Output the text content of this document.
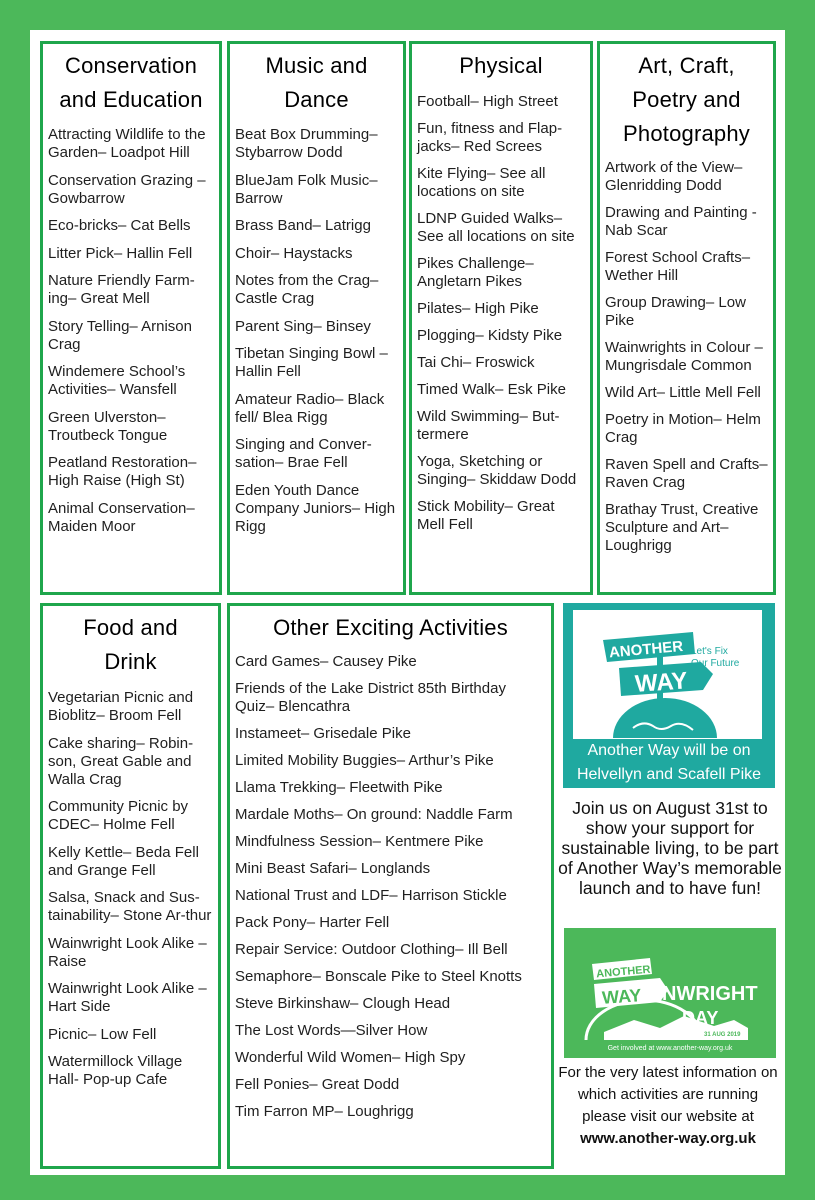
Conservation and Education
Attracting Wildlife to the Garden– Loadpot Hill
Conservation Grazing – Gowbarrow
Eco-bricks– Cat Bells
Litter Pick– Hallin Fell
Nature Friendly Farm-ing– Great Mell
Story Telling– Arnison Crag
Windemere School’s Activities– Wansfell
Green Ulverston– Troutbeck Tongue
Peatland Restoration– High Raise (High St)
Animal Conservation– Maiden Moor
Music and Dance
Beat Box Drumming– Stybarrow Dodd
BlueJam Folk Music– Barrow
Brass Band– Latrigg
Choir– Haystacks
Notes from the Crag– Castle Crag
Parent Sing– Binsey
Tibetan Singing Bowl – Hallin Fell
Amateur Radio– Black fell/ Blea Rigg
Singing and Conver-sation– Brae Fell
Eden Youth Dance Company Juniors– High Rigg
Physical
Football– High Street
Fun, fitness and Flap-jacks– Red Screes
Kite Flying– See all locations on site
LDNP Guided Walks– See all locations on site
Pikes Challenge– Angletarn Pikes
Pilates– High Pike
Plogging– Kidsty Pike
Tai Chi– Froswick
Timed Walk– Esk Pike
Wild Swimming– But-termere
Yoga, Sketching or Singing– Skiddaw Dodd
Stick Mobility– Great Mell Fell
Art, Craft, Poetry and Photography
Artwork of the View– Glenridding Dodd
Drawing and Painting -Nab Scar
Forest School Crafts– Wether Hill
Group Drawing– Low Pike
Wainwrights in Colour – Mungrisdale Common
Wild Art– Little Mell Fell
Poetry in Motion– Helm Crag
Raven Spell and Crafts– Raven Crag
Brathay Trust, Creative Sculpture and Art– Loughrigg
Food and Drink
Vegetarian Picnic and Bioblitz– Broom Fell
Cake sharing– Robin-son, Great Gable and Walla Crag
Community Picnic by CDEC– Holme Fell
Kelly Kettle– Beda Fell and Grange Fell
Salsa, Snack and Sus-tainability– Stone Ar-thur
Wainwright Look Alike – Raise
Wainwright Look Alike – Hart Side
Picnic– Low Fell
Watermillock Village Hall- Pop-up Cafe
Other Exciting Activities
Card Games– Causey Pike
Friends of the Lake District 85th Birthday Quiz– Blencathra
Instameet– Grisedale Pike
Limited Mobility Buggies– Arthur’s Pike
Llama Trekking– Fleetwith Pike
Mardale Moths– On ground: Naddle Farm
Mindfulness Session– Kentmere Pike
Mini Beast Safari– Longlands
National Trust and LDF– Harrison Stickle
Pack Pony– Harter Fell
Repair Service: Outdoor Clothing– Ill Bell
Semaphore– Bonscale Pike to Steel Knotts
Steve Birkinshaw– Clough Head
The Lost Words—Silver How
Wonderful Wild Women– High Spy
Fell Ponies– Great Dodd
Tim Farron MP– Loughrigg
ANOTHER
WAY
Let's Fix
Our Future
Another Way will be on Helvellyn and Scafell Pike
Join us on August 31st to show your support for sustainable living, to be part of Another Way’s memorable launch and to have fun!
ANOTHER
WAY NWRIGHT
DAY
31 AUG 2019
Get involved at www.another-way.org.uk
For the very latest information on which activities are running please visit our website at
www.another-way.org.uk
